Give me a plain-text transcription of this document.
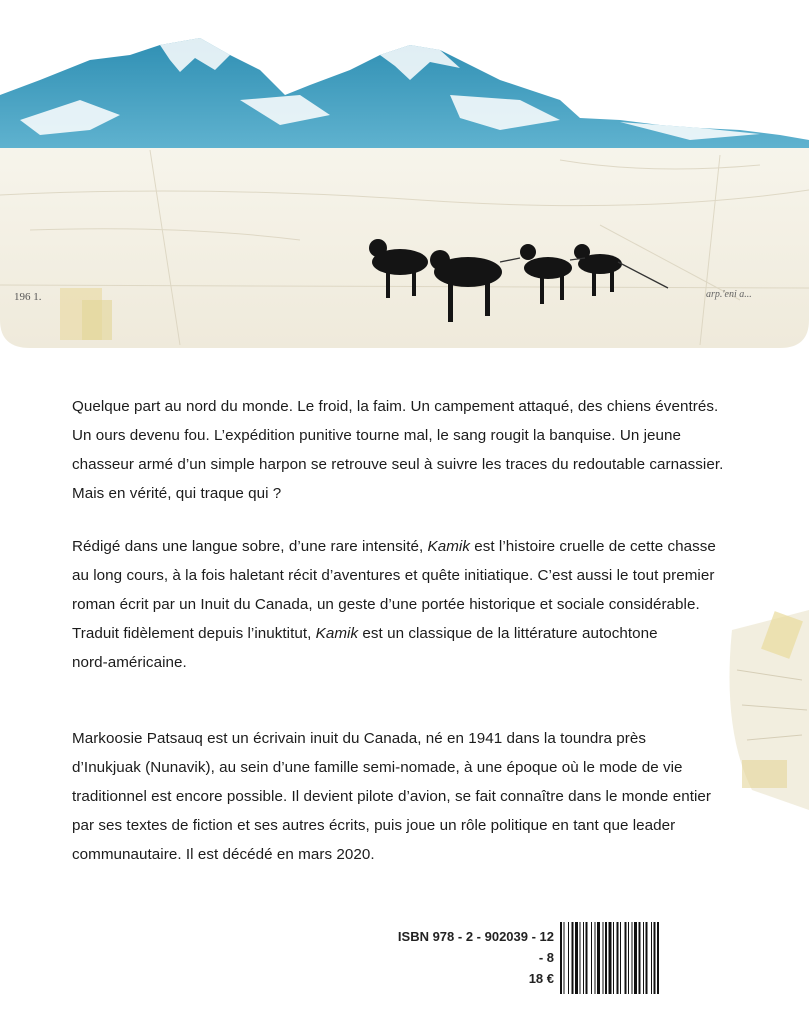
196 1.	arp.'eni a...
Quelque part au nord du monde. Le froid, la faim. Un campement attaqué, des chiens éventrés.
Un ours devenu fou. L’expédition punitive tourne mal, le sang rougit la banquise. Un jeune
chasseur armé d’un simple harpon se retrouve seul à suivre les traces du redoutable carnassier.
Mais en vérité, qui traque qui ?
Rédigé dans une langue sobre, d’une rare intensité, Kamik est l’histoire cruelle de cette chasse
au long cours, à la fois haletant récit d’aventures et quête initiatique. C’est aussi le tout premier
roman écrit par un Inuit du Canada, un geste d’une portée historique et sociale considérable.
Traduit fidèlement depuis l’inuktitut, Kamik est un classique de la littérature autochtone
nord-américaine.
Markoosie Patsauq est un écrivain inuit du Canada, né en 1941 dans la toundra près
d’Inukjuak (Nunavik), au sein d’une famille semi-nomade, à une époque où le mode de vie
traditionnel est encore possible. Il devient pilote d’avion, se fait connaître dans le monde entier
par ses textes de fiction et ses autres écrits, puis joue un rôle politique en tant que leader
communautaire. Il est décédé en mars 2020.
ISBN 978 - 2 - 902039 - 12 - 8
18 €
